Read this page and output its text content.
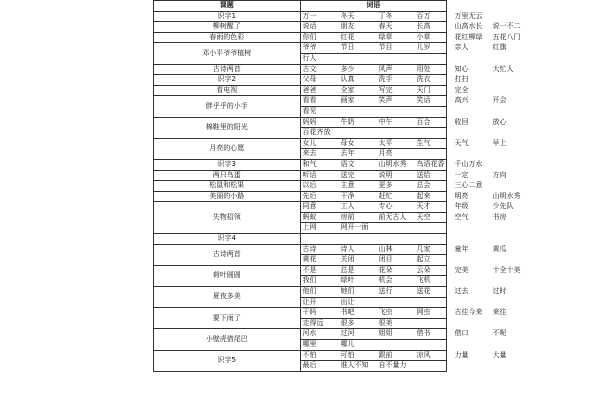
课题	词语
识字1	万一 冬天 丁冬 百万 万里无云
柳树醒了	说话 朋友 春天 长高 山高水长 说一不二
春雨的色彩	你们 红花 绿草 小草 花红柳绿 五花八门
邓小平爷爷植树	爷爷 节日 节目 儿岁 亲人 红旗
	行人
古诗两首	古文 多少 风声 用处 知心 大忙人
识字2	父母 认真 洗手 洗衣 打扫
看电视	爸爸 全家 写完 天门 完全
胖乎乎的小手	看看 画家 笑声 笑话 高兴 开会
	看见
棉鞋里的阳光	妈妈 牛奶 中午 百合 收回 放心
	百花齐放
月亮的心愿	女儿 母女 太平 生气 天气 早上
	来去 去年 月亮
识字3	和气 语文 山明水秀 鸟语花香 千山万水
两只鸟蛋	听话 送完 说明 送给 一定 方向
松鼠和松果	以后 主意 更多 总会 三心二意
美丽的小路	先后 干净 赶忙 起来 明亮 山明水秀
失物招领	同意 工人 专心 天才 年级 少先队
	蚂蚁 房前 前无古人 天空 空气 书房
	上网 网开一面
识字4	
古诗两首	古诗 诗人 山林 几家 童年 黄瓜
	黄花 关闭 闭目 起立
荷叶圆圆	不是 总是 花朵 云朵 完美 十全十美
	我们 绿叶 机会 飞机
夏夜多美	他们 她们 送行 送花 过去 过时
	让开 出让
要下雨了	干吗 书吧 飞虫 网虫 古往今来 来往
	走得远 很多 很美
小壁虎借尾巴	河水 过河 姐姐 借书 借口 不呢
	哪里 哪儿
识字5	不怕 可怕 跟前 凉风 力量 大量
	最后 谁人不知 自不量力
